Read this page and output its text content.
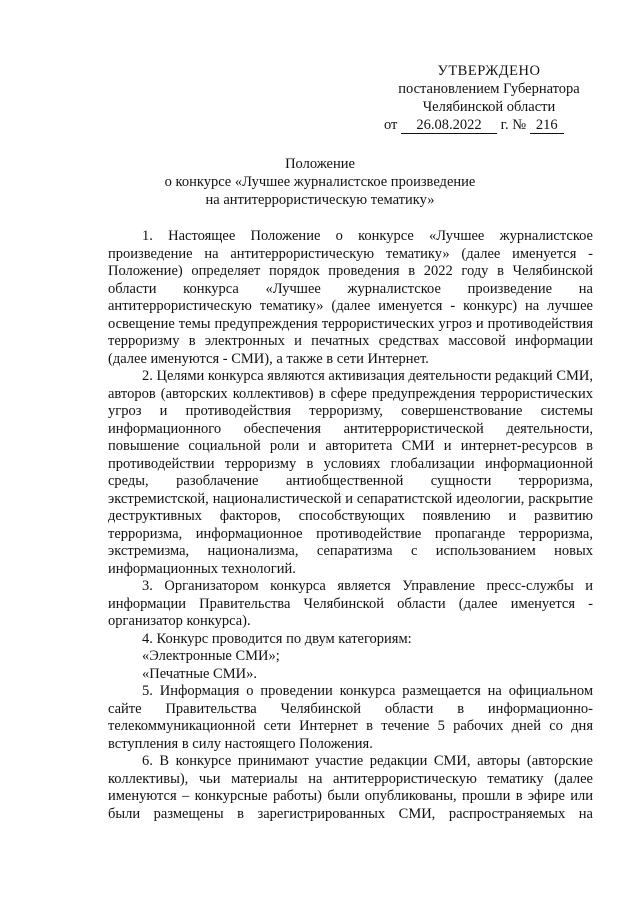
УТВЕРЖДЕНО
постановлением Губернатора
Челябинской области
от 26.08.2022 г. № 216
Положение
о конкурсе «Лучшее журналистское произведение
на антитеррористическую тематику»

1. Настоящее Положение о конкурсе «Лучшее журналистское произведение на антитеррористическую тематику» (далее именуется - Положение) определяет порядок проведения в 2022 году в Челябинской области конкурса «Лучшее журналистское произведение на антитеррористическую тематику» (далее именуется - конкурс) на лучшее освещение темы предупреждения террористических угроз и противодействия терроризму в электронных и печатных средствах массовой информации (далее именуются - СМИ), а также в сети Интернет.

2. Целями конкурса являются активизация деятельности редакций СМИ, авторов (авторских коллективов) в сфере предупреждения террористических угроз и противодействия терроризму, совершенствование системы информационного обеспечения антитеррористической деятельности, повышение социальной роли и авторитета СМИ и интернет-ресурсов в противодействии терроризму в условиях глобализации информационной среды, разоблачение антиобщественной сущности терроризма, экстремистской, националистической и сепаратистской идеологии, раскрытие деструктивных факторов, способствующих появлению и развитию терроризма, информационное противодействие пропаганде терроризма, экстремизма, национализма, сепаратизма с использованием новых информационных технологий.

3. Организатором конкурса является Управление пресс-службы и информации Правительства Челябинской области (далее именуется - организатор конкурса).

4. Конкурс проводится по двум категориям:

«Электронные СМИ»;

«Печатные СМИ».

5. Информация о проведении конкурса размещается на официальном сайте Правительства Челябинской области в информационно-телекоммуникационной сети Интернет в течение 5 рабочих дней со дня вступления в силу настоящего Положения.

6. В конкурсе принимают участие редакции СМИ, авторы (авторские коллективы), чьи материалы на антитеррористическую тематику (далее именуются – конкурсные работы) были опубликованы, прошли в эфире или были размещены в зарегистрированных СМИ, распространяемых на
